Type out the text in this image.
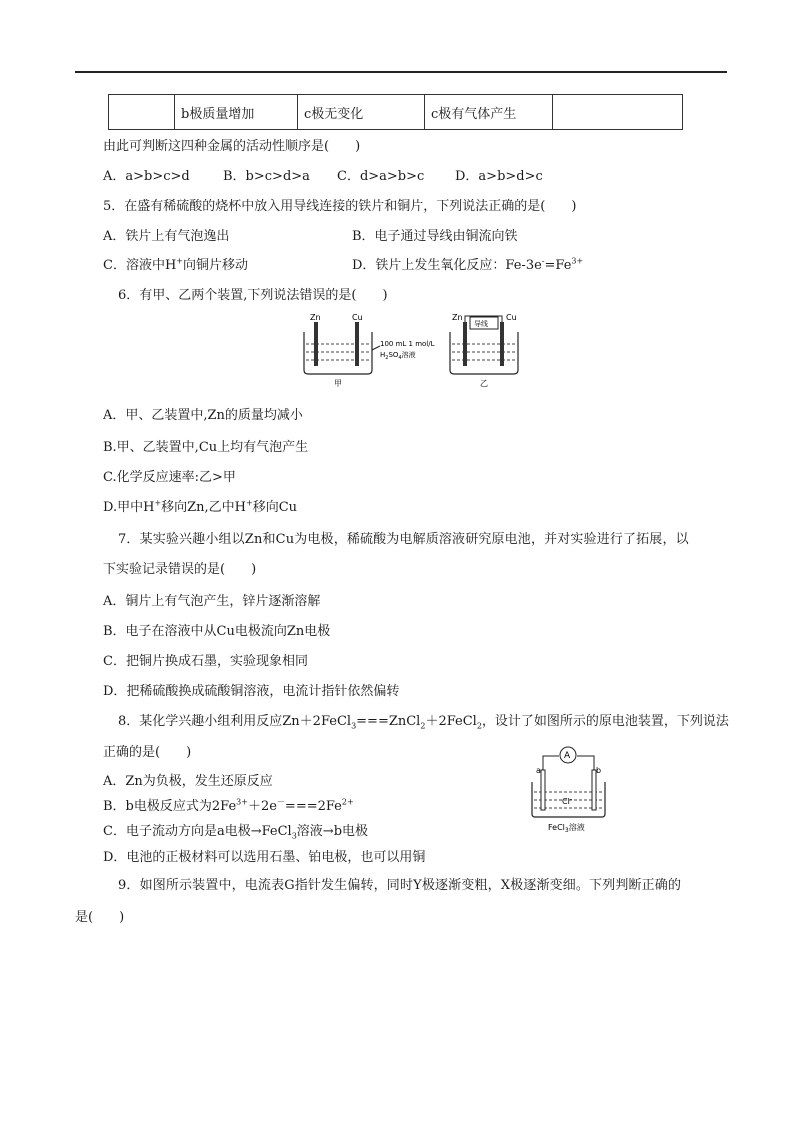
	b极质量增加	c极无变化	c极有气体产生	
由此可判断这四种金属的活动性顺序是(　　)
A．a>b>c>d	B．b>c>d>a C．d>a>b>c D．a>b>d>c
5．在盛有稀硫酸的烧杯中放入用导线连接的铁片和铜片，下列说法正确的是(　　)
A．铁片上有气泡逸出	B．电子通过导线由铜流向铁
C．溶液中H+向铜片移动	D．铁片上发生氧化反应：$Fe-3e^-=Fe^{3+}$
6．有甲、乙两个装置,下列说法错误的是(　　)
Zn	Cu
100 mL 1 mol/L
$H_2SO_4$溶液
甲
导线
Zn	Cu
乙
A．甲、乙装置中,Zn的质量均减小
B.甲、乙装置中,Cu上均有气泡产生
C.化学反应速率:乙>甲
D.甲中H+移向Zn,乙中H+移向Cu
7．某实验兴趣小组以Zn和Cu为电极，稀硫酸为电解质溶液研究原电池，并对实验进行了拓展，以
下实验记录错误的是(　　)
A．铜片上有气泡产生，锌片逐渐溶解
B．电子在溶液中从Cu电极流向Zn电极
C．把铜片换成石墨，实验现象相同
D．把稀硫酸换成硫酸铜溶液，电流计指针依然偏转
8．某化学兴趣小组利用反应Zn＋2FeCl$_3$===ZnCl$_2$＋2FeCl$_2$，设计了如图所示的原电池装置，下列说法
正确的是(　　)
A．Zn为负极，发生还原反应
B．b电极反应式为$2Fe^{3+}+2e^-===2Fe^{2+}$
C．电子流动方向是a电极→FeCl$_3$溶液→b电极
D．电池的正极材料可以选用石墨、铂电极，也可以用铜
A
a	b
Cl-
FeCl$_3$溶液
9．如图所示装置中，电流表G指针发生偏转，同时Y极逐渐变粗，X极逐渐变细。下列判断正确的
是(　　)
